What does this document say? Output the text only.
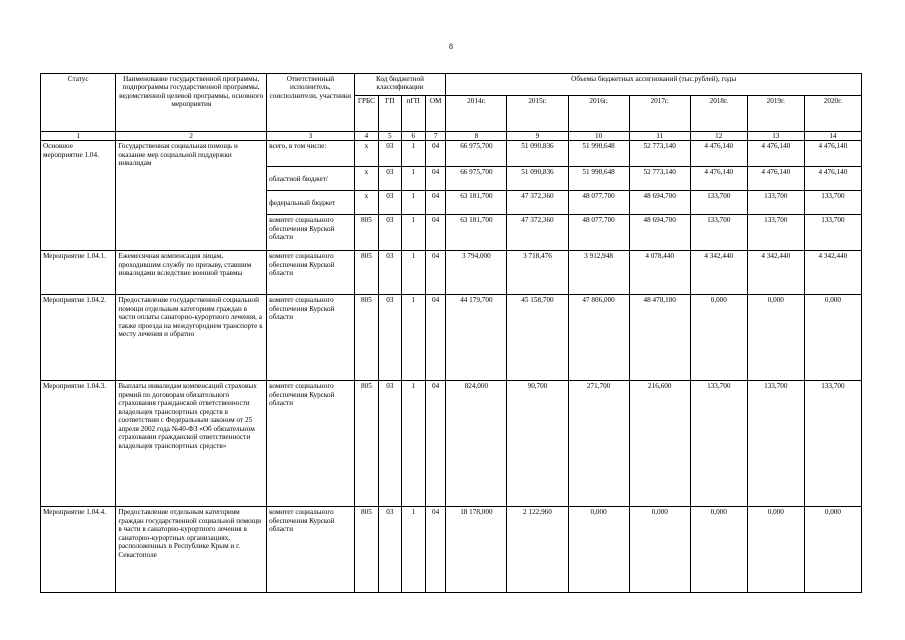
8
Статус	Наименование государственной программы, подпрограммы государственной программы, ведомственной целевой программы, основного мероприятия	Ответственный исполнитель, соисполнители, участники	Код бюджетной классификации				Объемы бюджетных ассигнований (тыс.рублей), годы						
			ГРБС	ГП	пГП	ОМ	2014г.	2015г.	2016г.	2017г.	2018г.	2019г.	2020г.
1	2	3	4	5	6	7	8	9	10	11	12	13	14
Основное мероприятие 1.04.	Государственная социальная помощь и оказание мер социальной поддержки инвалидам	всего, в том числе:	x	03	1	04	66 975,700	51 090,836	51 990,648	52 773,140	4 476,140	4 476,140	4 476,140
		областной бюджет/	x	03	1	04	66 975,700	51 090,836	51 990,648	52 773,140	4 476,140	4 476,140	4 476,140
		федеральный бюджет	x	03	1	04	63 181,700	47 372,360	48 077,700	48 694,700	133,700	133,700	133,700
		комитет социального обеспечения Курской области	805	03	1	04	63 181,700	47 372,360	48 077,700	48 694,700	133,700	133,700	133,700
Мероприятие 1.04.1.	Ежемесячная компенсация лицам, проходившим службу по призыву, ставшим инвалидами вследствие военной травмы	комитет социального обеспечения Курской области	805	03	1	04	3 794,000	3 718,476	3 912,948	4 078,440	4 342,440	4 342,440	4 342,440
Мероприятие 1.04.2.	Предоставление государственной социальной помощи отдельным категориям граждан в части оплаты санаторно-курортного лечения, а также проезда на междугороднем транспорте к месту лечения и обратно	комитет социального обеспечения Курской области	805	03	1	04	44 179,700	45 158,700	47 806,000	48 478,100	0,000	0,000	0,000
Мероприятие 1.04.3.	Выплаты инвалидам компенсаций страховых премий по договорам обязательного страхования гражданской ответственности владельцев транспортных средств в соответствии с Федеральным законом от 25 апреля 2002 года №40-ФЗ «Об обязательном страховании гражданской ответственности владельцев транспортных средств»	комитет социального обеспечения Курской области	805	03	1	04	824,000	90,700	271,700	216,600	133,700	133,700	133,700
Мероприятие 1.04.4.	Предоставление отдельным категориям граждан государственной социальной помощи в части в санаторно-курортного лечения в санаторно-курортных организациях, расположенных в Республике Крым и г. Севастополе	комитет социального обеспечения Курской области	805	03	1	04	18 178,000	2 122,960	0,000	0,000	0,000	0,000	0,000
